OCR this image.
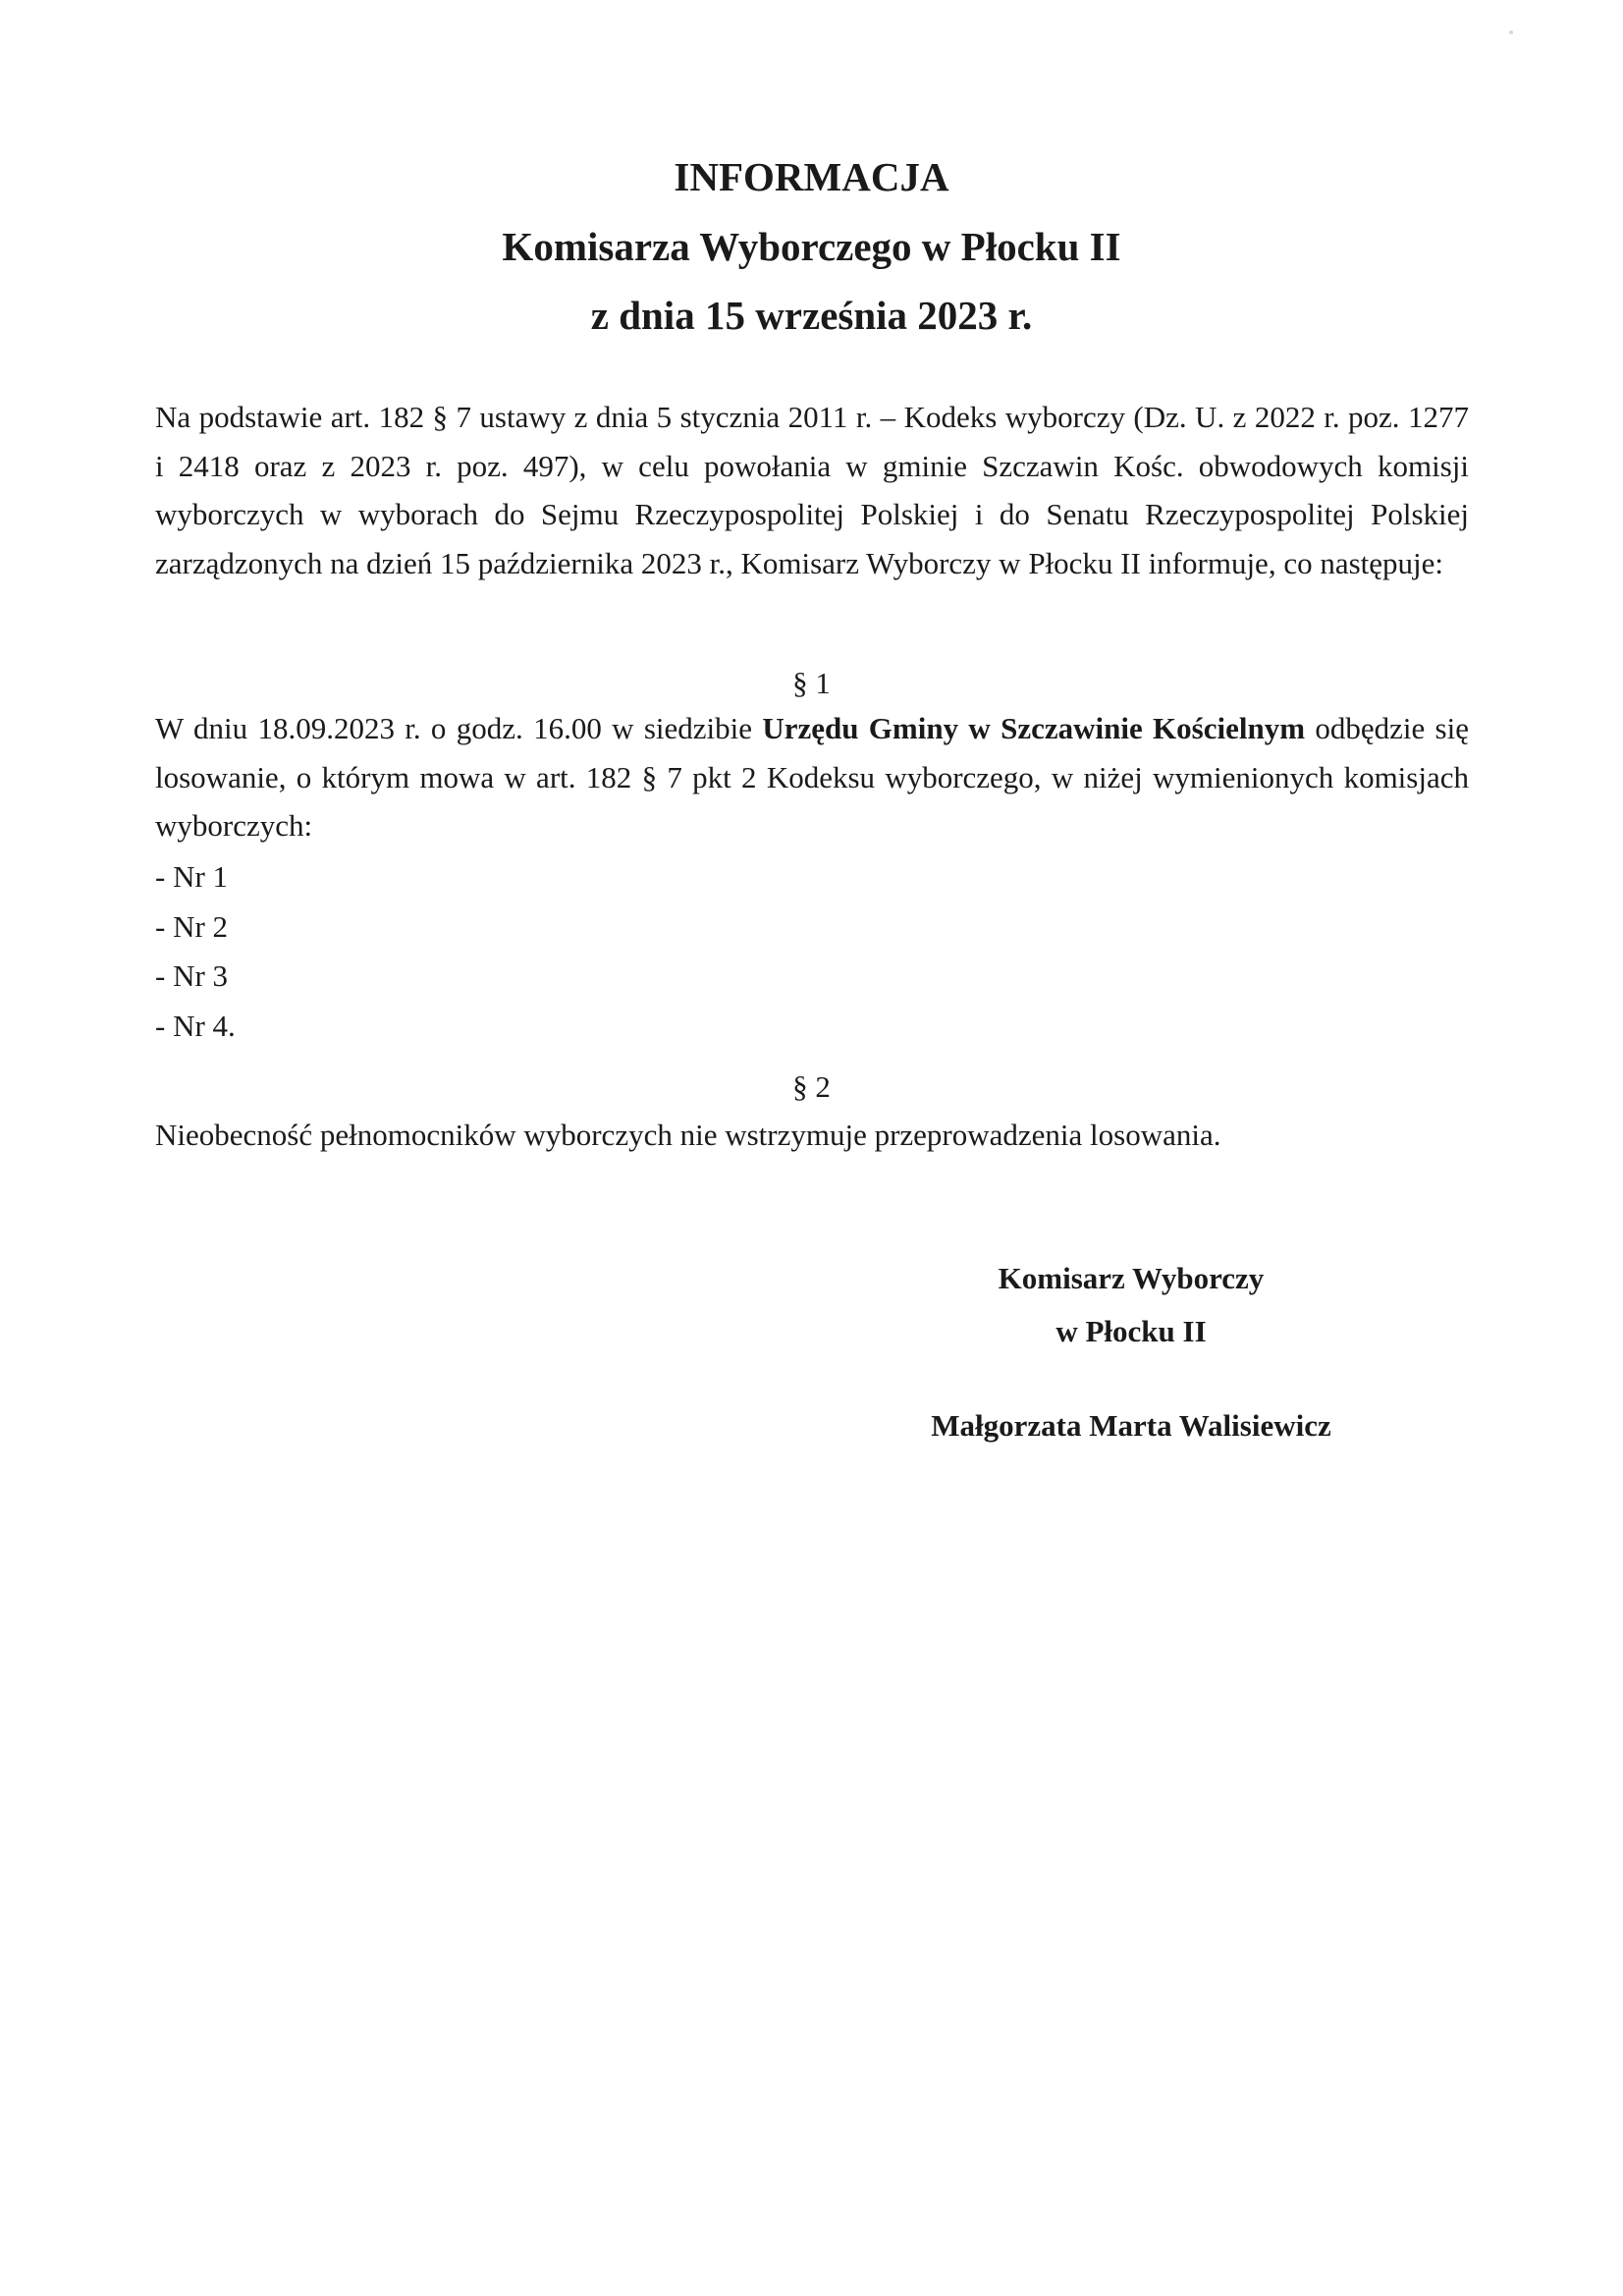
INFORMACJA
Komisarza Wyborczego w Płocku II
z dnia 15 września 2023 r.
Na podstawie art. 182 § 7 ustawy z dnia 5 stycznia 2011 r. – Kodeks wyborczy (Dz. U. z 2022 r. poz. 1277 i 2418 oraz z 2023 r. poz. 497), w celu powołania w gminie Szczawin Kośc. obwodowych komisji wyborczych w wyborach do Sejmu Rzeczypospolitej Polskiej i do Senatu Rzeczypospolitej Polskiej zarządzonych na dzień 15 października 2023 r., Komisarz Wyborczy w Płocku II informuje, co następuje:
§ 1
W dniu 18.09.2023 r. o godz. 16.00 w siedzibie Urzędu Gminy w Szczawinie Kościelnym odbędzie się losowanie, o którym mowa w art. 182 § 7 pkt 2 Kodeksu wyborczego, w niżej wymienionych komisjach wyborczych:
- Nr 1
- Nr 2
- Nr 3
- Nr 4.
§ 2
Nieobecność pełnomocników wyborczych nie wstrzymuje przeprowadzenia losowania.
Komisarz Wyborczy
w Płocku II
Małgorzata Marta Walisiewicz
